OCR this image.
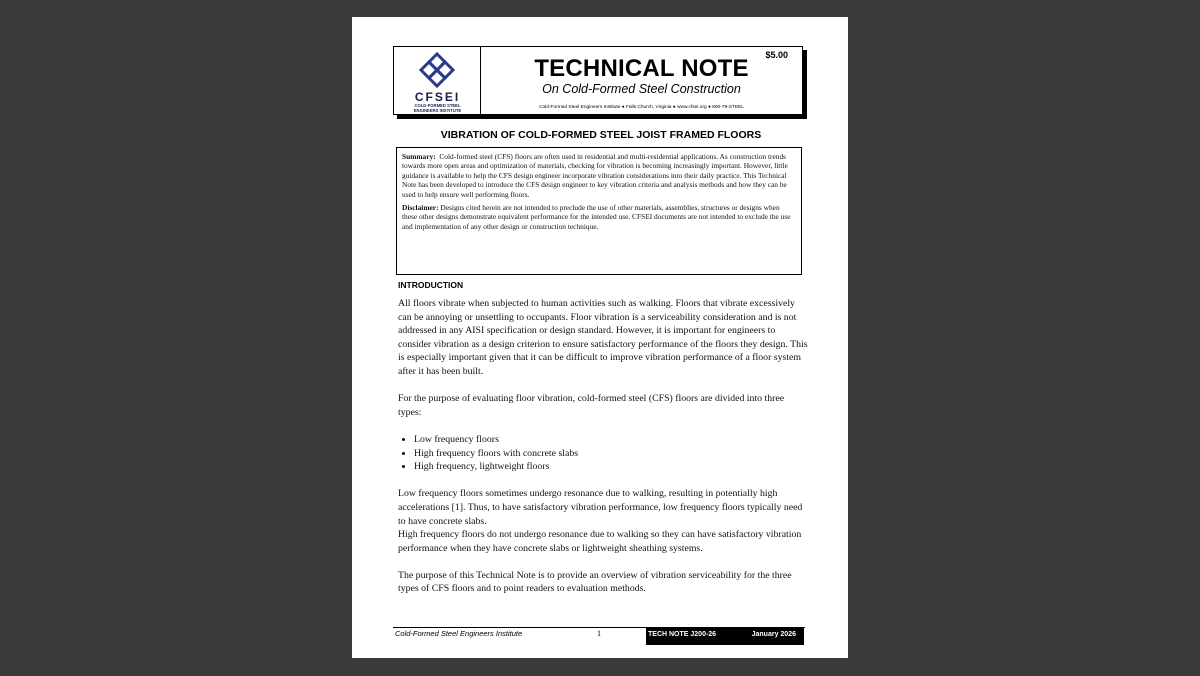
CFSEI
COLD-FORMED STEEL
ENGINEERS INSTITUTE
$5.00
TECHNICAL NOTE
On Cold-Formed Steel Construction
Cold-Formed Steel Engineers Institute ● Falls Church, Virginia ● www.cfsei.org ● 800-79-STEEL
VIBRATION OF COLD-FORMED STEEL JOIST FRAMED FLOORS

Summary: Cold-formed steel (CFS) floors are often used in residential and multi-residential applications. As construction trends towards more open areas and optimization of materials, checking for vibration is becoming increasingly important. However, little guidance is available to help the CFS design engineer incorporate vibration considerations into their daily practice. This Technical Note has been developed to introduce the CFS design engineer to key vibration criteria and analysis methods and how they can be used to help ensure well performing floors.

Disclaimer: Designs cited herein are not intended to preclude the use of other materials, assemblies, structures or designs when these other designs demonstrate equivalent performance for the intended use. CFSEI documents are not intended to exclude the use and implementation of any other design or construction technique.

INTRODUCTION

All floors vibrate when subjected to human activities such as walking. Floors that vibrate excessively can be annoying or unsettling to occupants. Floor vibration is a serviceability consideration and is not addressed in any AISI specification or design standard. However, it is important for engineers to consider vibration as a design criterion to ensure satisfactory performance of the floors they design. This is especially important given that it can be difficult to improve vibration performance of a floor system after it has been built.

For the purpose of evaluating floor vibration, cold-formed steel (CFS) floors are divided into three types:

• Low frequency floors
• High frequency floors with concrete slabs
• High frequency, lightweight floors

Low frequency floors sometimes undergo resonance due to walking, resulting in potentially high accelerations [1]. Thus, to have satisfactory vibration performance, low frequency floors typically need to have concrete slabs.

High frequency floors do not undergo resonance due to walking so they can have satisfactory vibration performance when they have concrete slabs or lightweight sheathing systems.

The purpose of this Technical Note is to provide an overview of vibration serviceability for the three types of CFS floors and to point readers to evaluation methods.

Cold-Formed Steel Engineers Institute	1	TECH NOTE J200-26	January 2026
